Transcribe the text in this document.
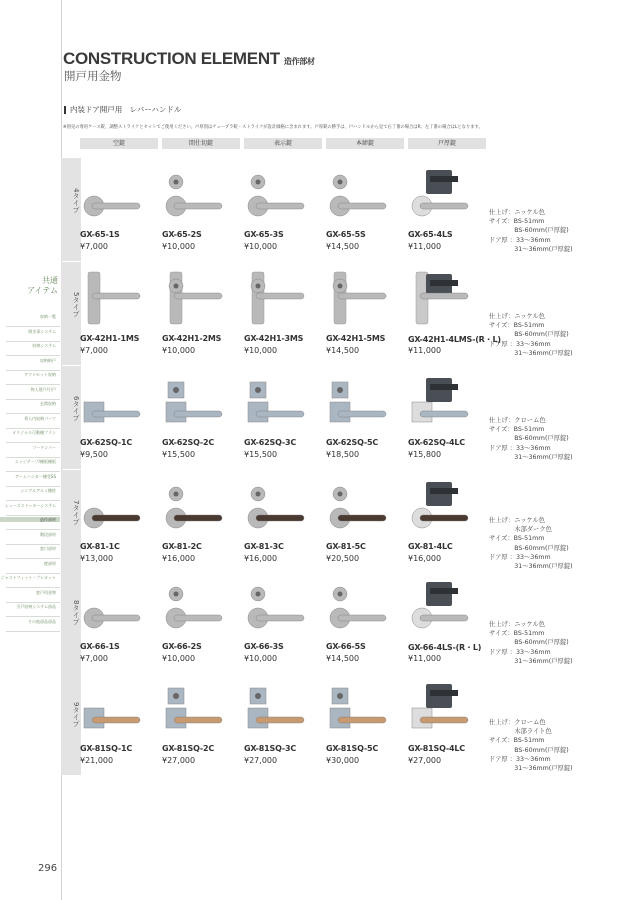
CONSTRUCTION ELEMENT 造作部材
開戸用金物
内装ドア開戸用　レバーハンドル
※別売の専用ケース錠、調整ストライクとセットでご使用ください。戸厚別はチューブラ錠・ストライクが設計価格に含まれます。戸厚錠の勝手は、戸ハンドルから見て右丁番の場合はR、左丁番の場合はLとなります。
空錠	間仕切錠	表示錠	本締錠	戸厚錠
4タイプ
GX-65-1S
¥7,000
GX-65-2S
¥10,000
GX-65-3S
¥10,000
GX-65-5S
¥14,500
GX-65-4LS
¥11,000
仕上げ：ニッケル色
サイズ：BS-51mm
　　　　BS-60mm(戸厚錠)
ドア厚 ：33～36mm
　　　　31～36mm(戸厚錠)
5タイプ
GX-42H1-1MS
¥7,000
GX-42H1-2MS
¥10,000
GX-42H1-3MS
¥10,000
GX-42H1-5MS
¥14,500
GX-42H1-4LMS-(R・L)
¥11,000
仕上げ：ニッケル色
サイズ：BS-51mm
　　　　BS-60mm(戸厚錠)
ドア厚 ：33～36mm
　　　　31～36mm(戸厚錠)
6タイプ
GX-62SQ-1C
¥9,500
GX-62SQ-2C
¥15,500
GX-62SQ-3C
¥15,500
GX-62SQ-5C
¥18,500
GX-62SQ-4LC
¥15,800
仕上げ：クローム色
サイズ：BS-51mm
　　　　BS-60mm(戸厚錠)
ドア厚 ：33～36mm
　　　　31～36mm(戸厚錠)
7タイプ
GX-81-1C
¥13,000
GX-81-2C
¥16,000
GX-81-3C
¥16,000
GX-81-5C
¥20,500
GX-81-4LC
¥16,000
仕上げ：ニッケル色
　　　　木部ダーク色
サイズ：BS-51mm
　　　　BS-60mm(戸厚錠)
ドア厚 ：33～36mm
　　　　31～36mm(戸厚錠)
8タイプ
GX-66-1S
¥7,000
GX-66-2S
¥10,000
GX-66-3S
¥10,000
GX-66-5S
¥14,500
GX-66-4LS-(R・L)
¥11,000
仕上げ：ニッケル色
サイズ：BS-51mm
　　　　BS-60mm(戸厚錠)
ドア厚 ：33～36mm
　　　　31～36mm(戸厚錠)
9タイプ
GX-81SQ-1C
¥21,000
GX-81SQ-2C
¥27,000
GX-81SQ-3C
¥27,000
GX-81SQ-5C
¥30,000
GX-81SQ-4LC
¥27,000
仕上げ：クローム色
　　　　木部ライト色
サイズ：BS-51mm
　　　　BS-60mm(戸厚錠)
ドア厚 ：33～36mm
　　　　31～36mm(戸厚錠)
共通
アイテム
収納一覧
開き扉システム
収納システム
収納納戸
アウトセット収納
物入建戸/引戸
玄関収納
将入内収納パーツ
オリジナル可動棚プラン
フードンパー
エッジテープ/棚板棚板
アームハンガー棚受SS
シングルアルミ棚柱
シューズストッカーシステム
造作部材
階段部材
窓口部材
壁部材
ジャストフィット・プレカット
窓戸用金物
引戸収納システム部品
その他部品部品
296
